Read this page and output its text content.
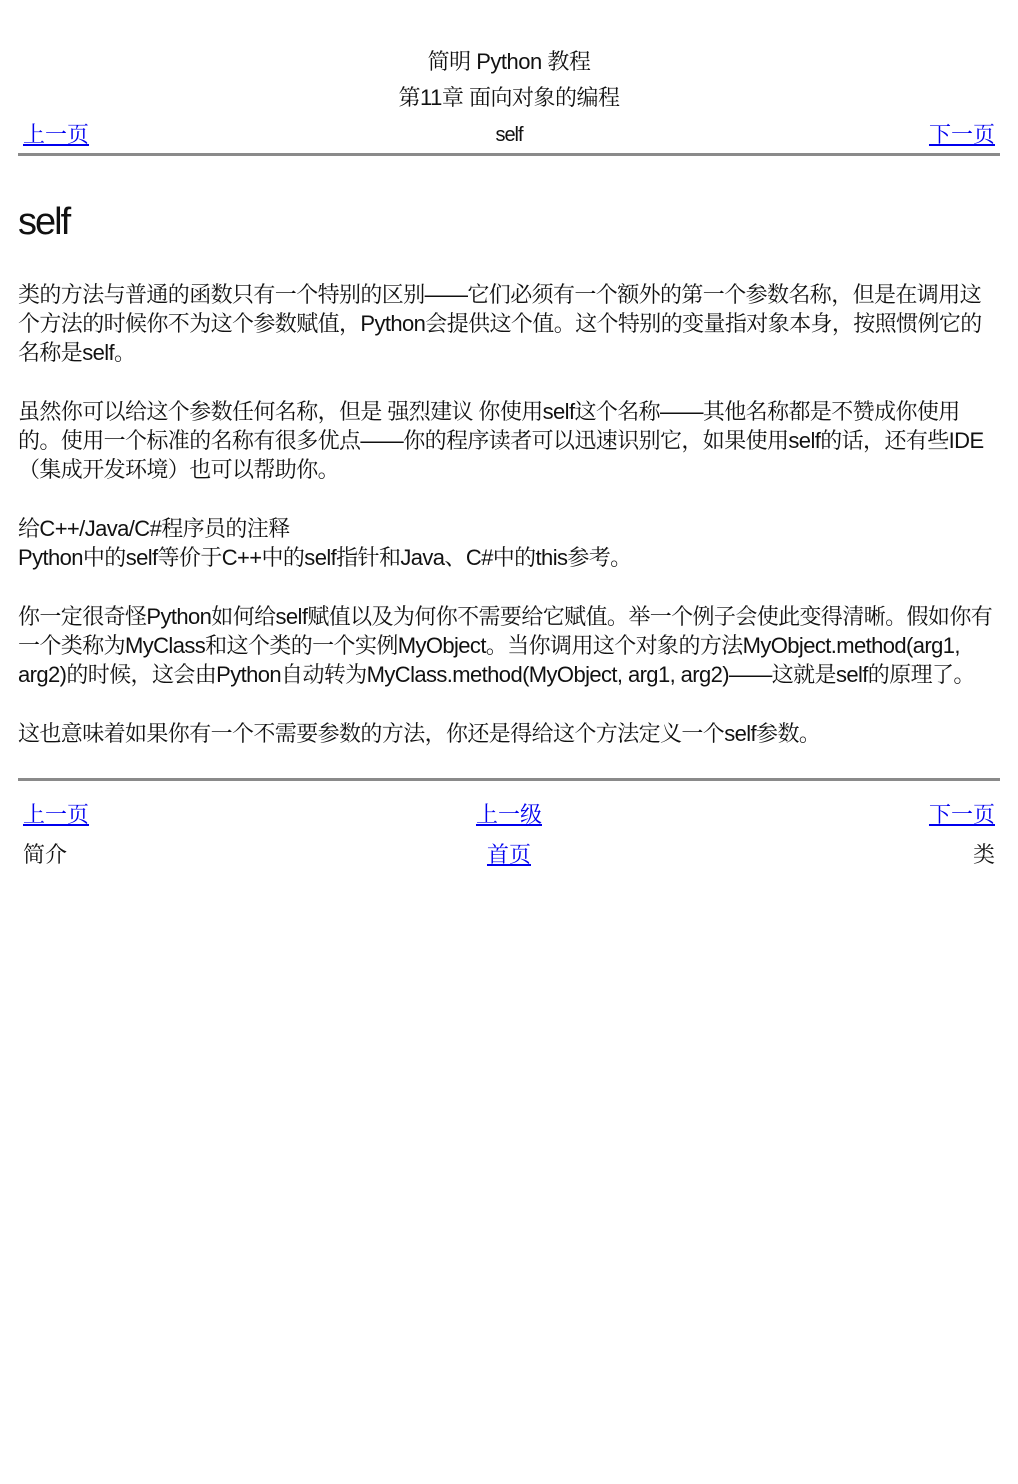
简明 Python 教程
第11章 面向对象的编程
上一页	self	下一页
self

类的方法与普通的函数只有一个特别的区别——它们必须有一个额外的第一个参数名称，但是在调用这个方法的时候你不为这个参数赋值，Python会提供这个值。这个特别的变量指对象本身，按照惯例它的名称是self。

虽然你可以给这个参数任何名称，但是 强烈建议 你使用self这个名称——其他名称都是不赞成你使用的。使用一个标准的名称有很多优点——你的程序读者可以迅速识别它，如果使用self的话，还有些IDE（集成开发环境）也可以帮助你。

给C++/Java/C#程序员的注释
Python中的self等价于C++中的self指针和Java、C#中的this参考。

你一定很奇怪Python如何给self赋值以及为何你不需要给它赋值。举一个例子会使此变得清晰。假如你有一个类称为MyClass和这个类的一个实例MyObject。当你调用这个对象的方法MyObject.method(arg1, arg2)的时候，这会由Python自动转为MyClass.method(MyObject, arg1, arg2)——这就是self的原理了。

这也意味着如果你有一个不需要参数的方法，你还是得给这个方法定义一个self参数。

上一页	上一级	下一页
简介	首页	类
